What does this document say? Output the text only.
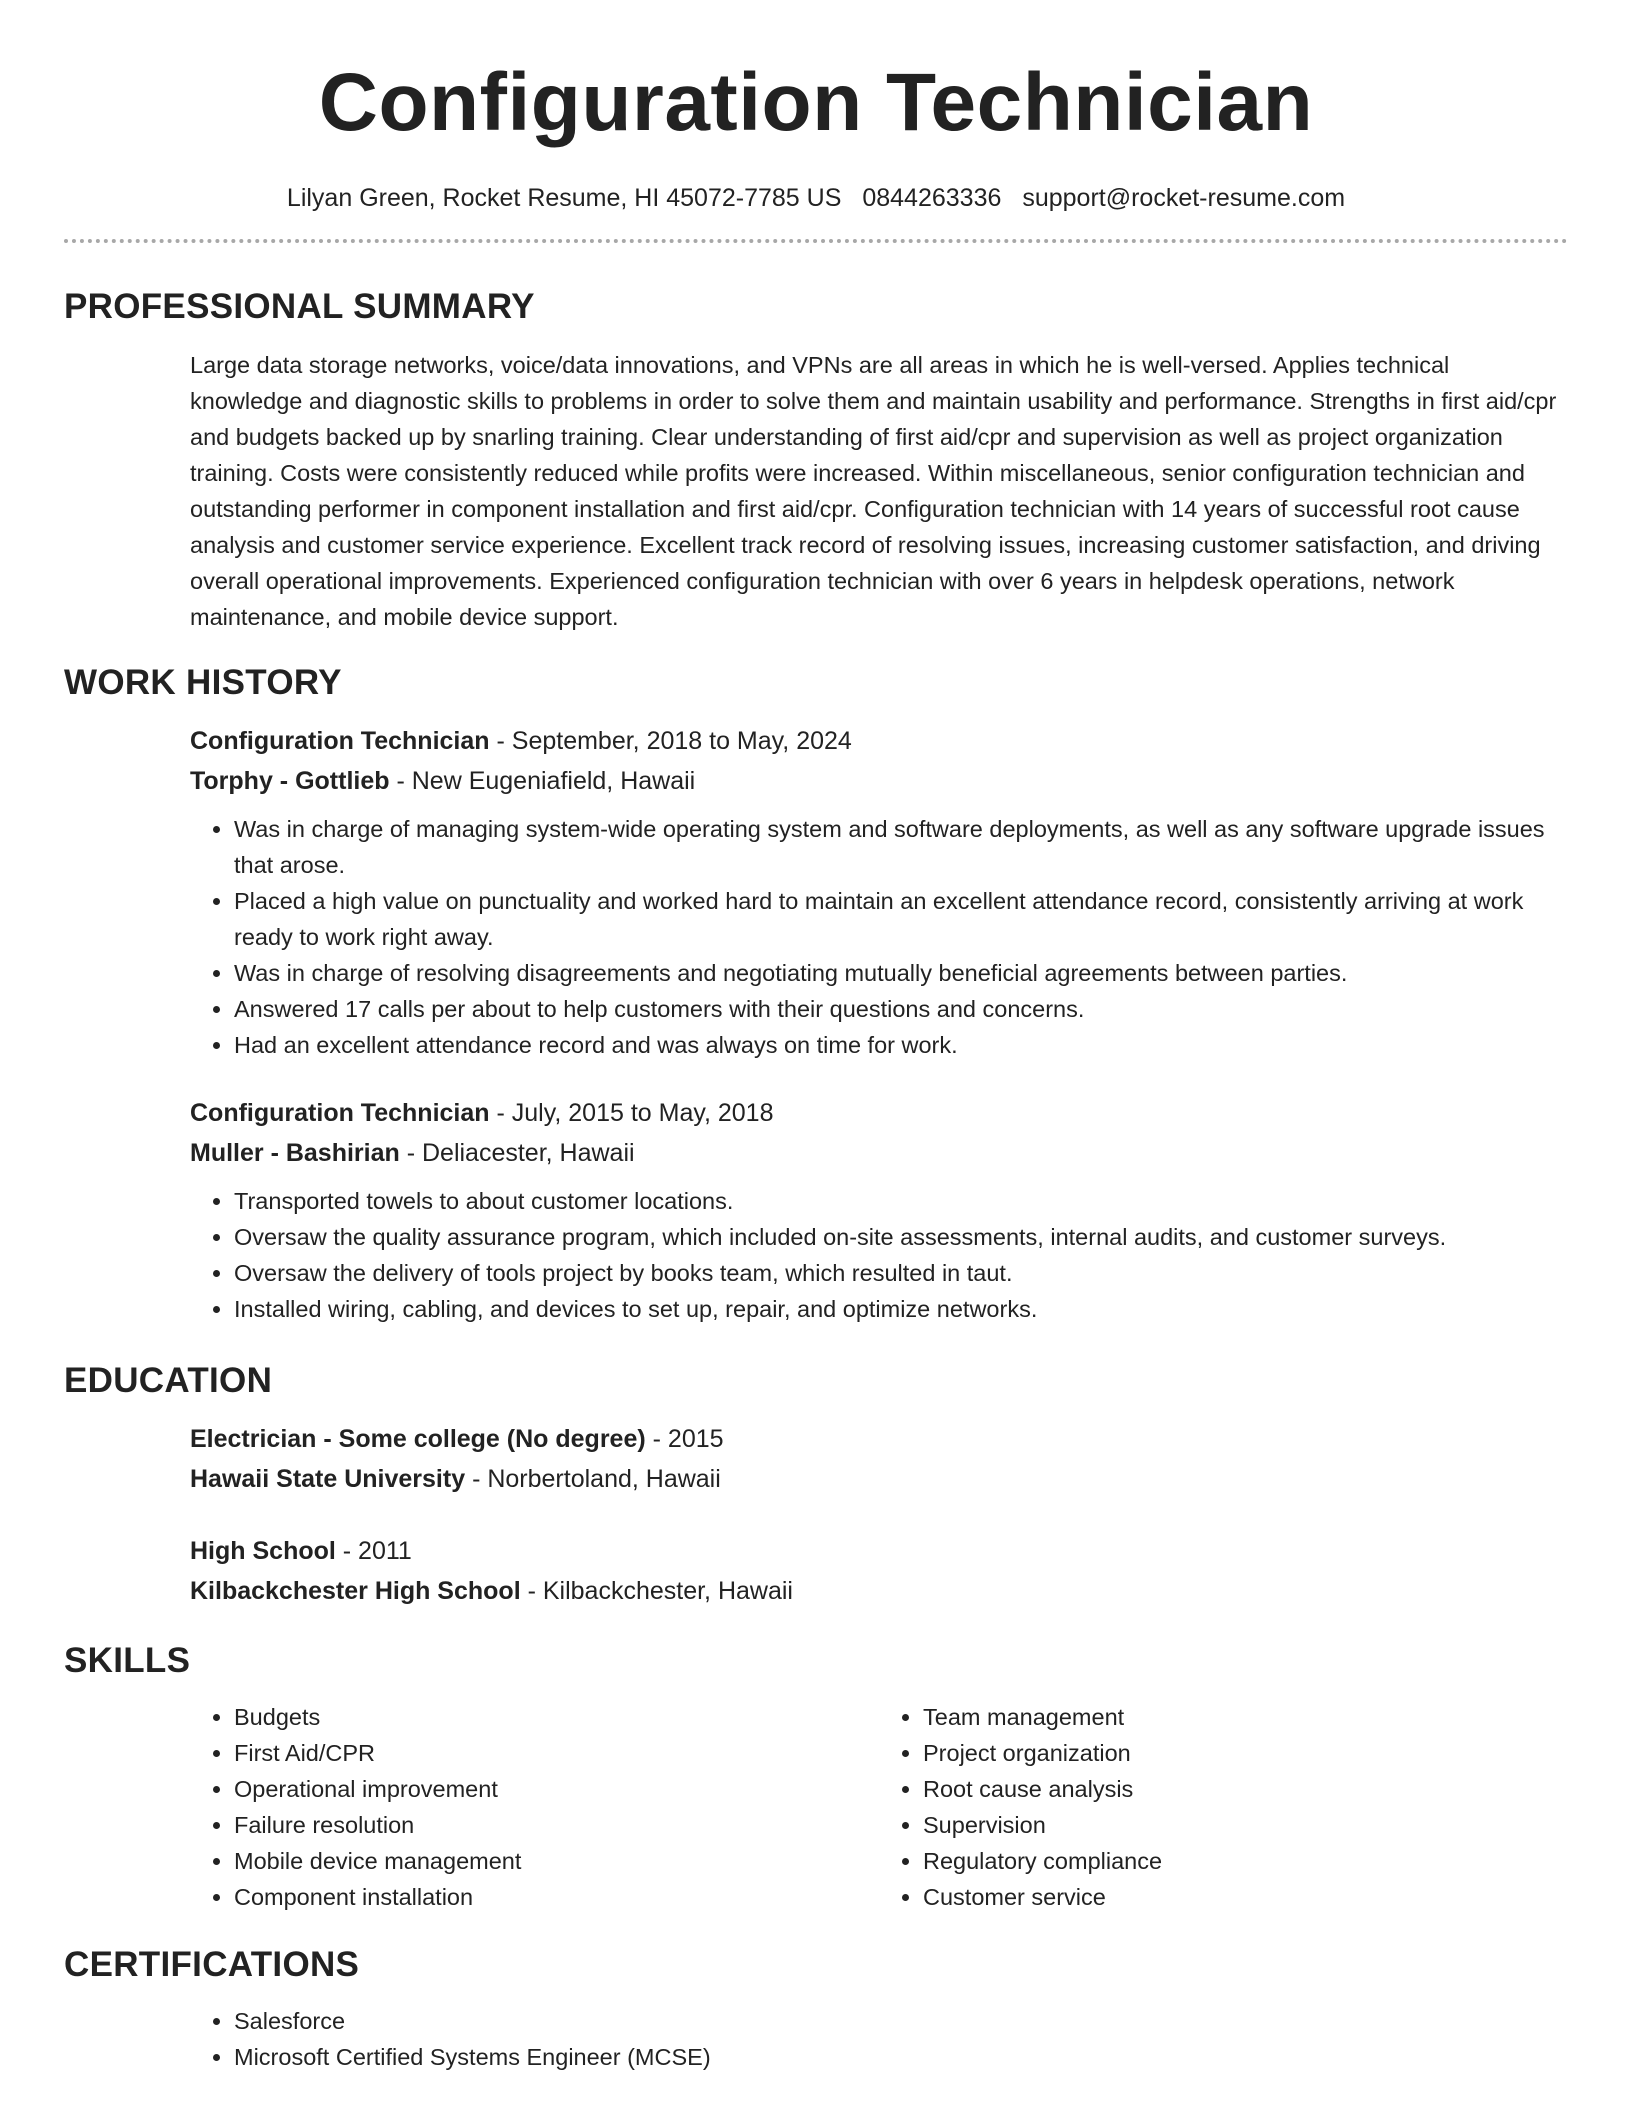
Configuration Technician
Lilyan Green, Rocket Resume, HI 45072-7785 US 0844263336 support@rocket-resume.com
PROFESSIONAL SUMMARY

Large data storage networks, voice/data innovations, and VPNs are all areas in which he is well-versed. Applies technical knowledge and diagnostic skills to problems in order to solve them and maintain usability and performance. Strengths in first aid/cpr and budgets backed up by snarling training. Clear understanding of first aid/cpr and supervision as well as project organization training. Costs were consistently reduced while profits were increased. Within miscellaneous, senior configuration technician and outstanding performer in component installation and first aid/cpr. Configuration technician with 14 years of successful root cause analysis and customer service experience. Excellent track record of resolving issues, increasing customer satisfaction, and driving overall operational improvements. Experienced configuration technician with over 6 years in helpdesk operations, network maintenance, and mobile device support.

WORK HISTORY
Configuration Technician - September, 2018 to May, 2024
Torphy - Gottlieb - New Eugeniafield, Hawaii
• Was in charge of managing system-wide operating system and software deployments, as well as any software upgrade issues that arose.
• Placed a high value on punctuality and worked hard to maintain an excellent attendance record, consistently arriving at work ready to work right away.
• Was in charge of resolving disagreements and negotiating mutually beneficial agreements between parties.
• Answered 17 calls per about to help customers with their questions and concerns.
• Had an excellent attendance record and was always on time for work.
Configuration Technician - July, 2015 to May, 2018
Muller - Bashirian - Deliacester, Hawaii
• Transported towels to about customer locations.
• Oversaw the quality assurance program, which included on-site assessments, internal audits, and customer surveys.
• Oversaw the delivery of tools project by books team, which resulted in taut.
• Installed wiring, cabling, and devices to set up, repair, and optimize networks.
EDUCATION
Electrician - Some college (No degree) - 2015
Hawaii State University - Norbertoland, Hawaii
High School - 2011
Kilbackchester High School - Kilbackchester, Hawaii
SKILLS
• Budgets
• First Aid/CPR
• Operational improvement
• Failure resolution
• Mobile device management
• Component installation
• Team management
• Project organization
• Root cause analysis
• Supervision
• Regulatory compliance
• Customer service
CERTIFICATIONS
• Salesforce
• Microsoft Certified Systems Engineer (MCSE)
